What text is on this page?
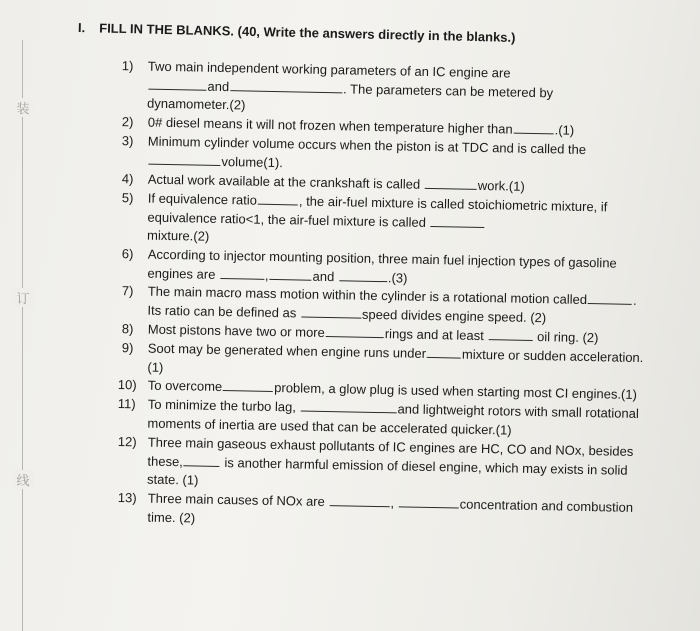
装
订
线
I. FILL IN THE BLANKS. (40, Write the answers directly in the blanks.)
1) Two main independent working parameters of an IC engine are
and	. The parameters can be metered by
dynamometer.(2)
2) 0# diesel means it will not frozen when temperature higher than	.(1)
3) Minimum cylinder volume occurs when the piston is at TDC and is called the
volume(1).
4) Actual work available at the crankshaft is called	work.(1)
5) If equivalence ratio	, the air-fuel mixture is called stoichiometric mixture, if equivalence ratio<1, the air-fuel mixture is called
mixture.(2)
6) According to injector mounting position, three main fuel injection types of gasoline engines are	,	and	.(3)
7) The main macro mass motion within the cylinder is a rotational motion called	. Its ratio can be defined as	speed divides engine speed. (2)
8) Most pistons have two or more	rings and at least	oil ring. (2)
9) Soot may be generated when engine runs under	mixture or sudden acceleration.(1)
10) To overcome	problem, a glow plug is used when starting most CI engines.(1)
11) To minimize the turbo lag,	and lightweight rotors with small rotational moments of inertia are used that can be accelerated quicker.(1)
12) Three main gaseous exhaust pollutants of IC engines are HC, CO and NOx, besides these,	is another harmful emission of diesel engine, which may exists in solid state. (1)
13) Three main causes of NOx are	,	concentration and combustion time. (2)
